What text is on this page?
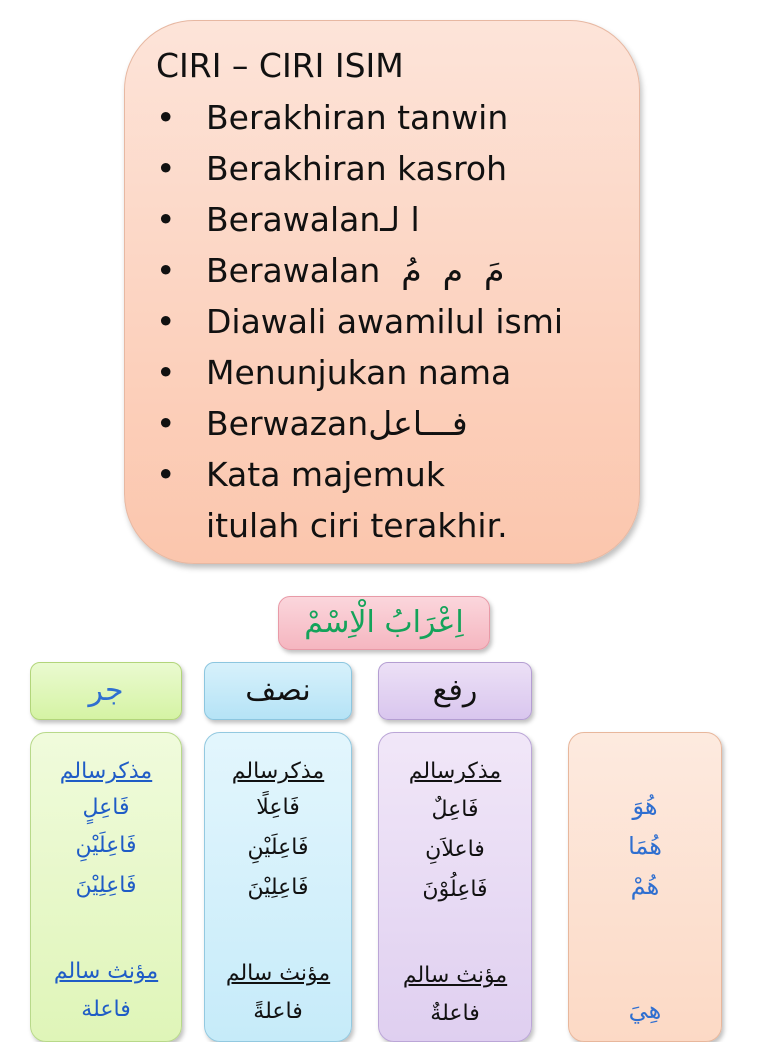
CIRI – CIRI ISIM
• Berakhiran tanwin
• Berakhiran kasroh
• Berawalanا لـ
• Berawalan  مَ  م  مُ
• Diawali awamilul ismi
• Menunjukan nama
• Berwazanفـــاعل
• Kata majemuk
itulah ciri terakhir.
اِعْرَابُ الْاِسْمْ
جر	نصف	رفع
مذكرسالم
فَاعِلٍ
فَاعِلَيْنِ
فَاعِلِيْنَ
مؤنث سالم
فاعلة
مذكرسالم
فَاعِلًا
فَاعِلَيْنِ
فَاعِلِيْنَ
مؤنث سالم
فاعلةً
مذكرسالم
فَاعِلٌ
فاعلاَنِ
فَاعِلُوْنَ
مؤنث سالم
فاعلةٌ
هُوَ
هُمَا
هُمْ
هِيَ
